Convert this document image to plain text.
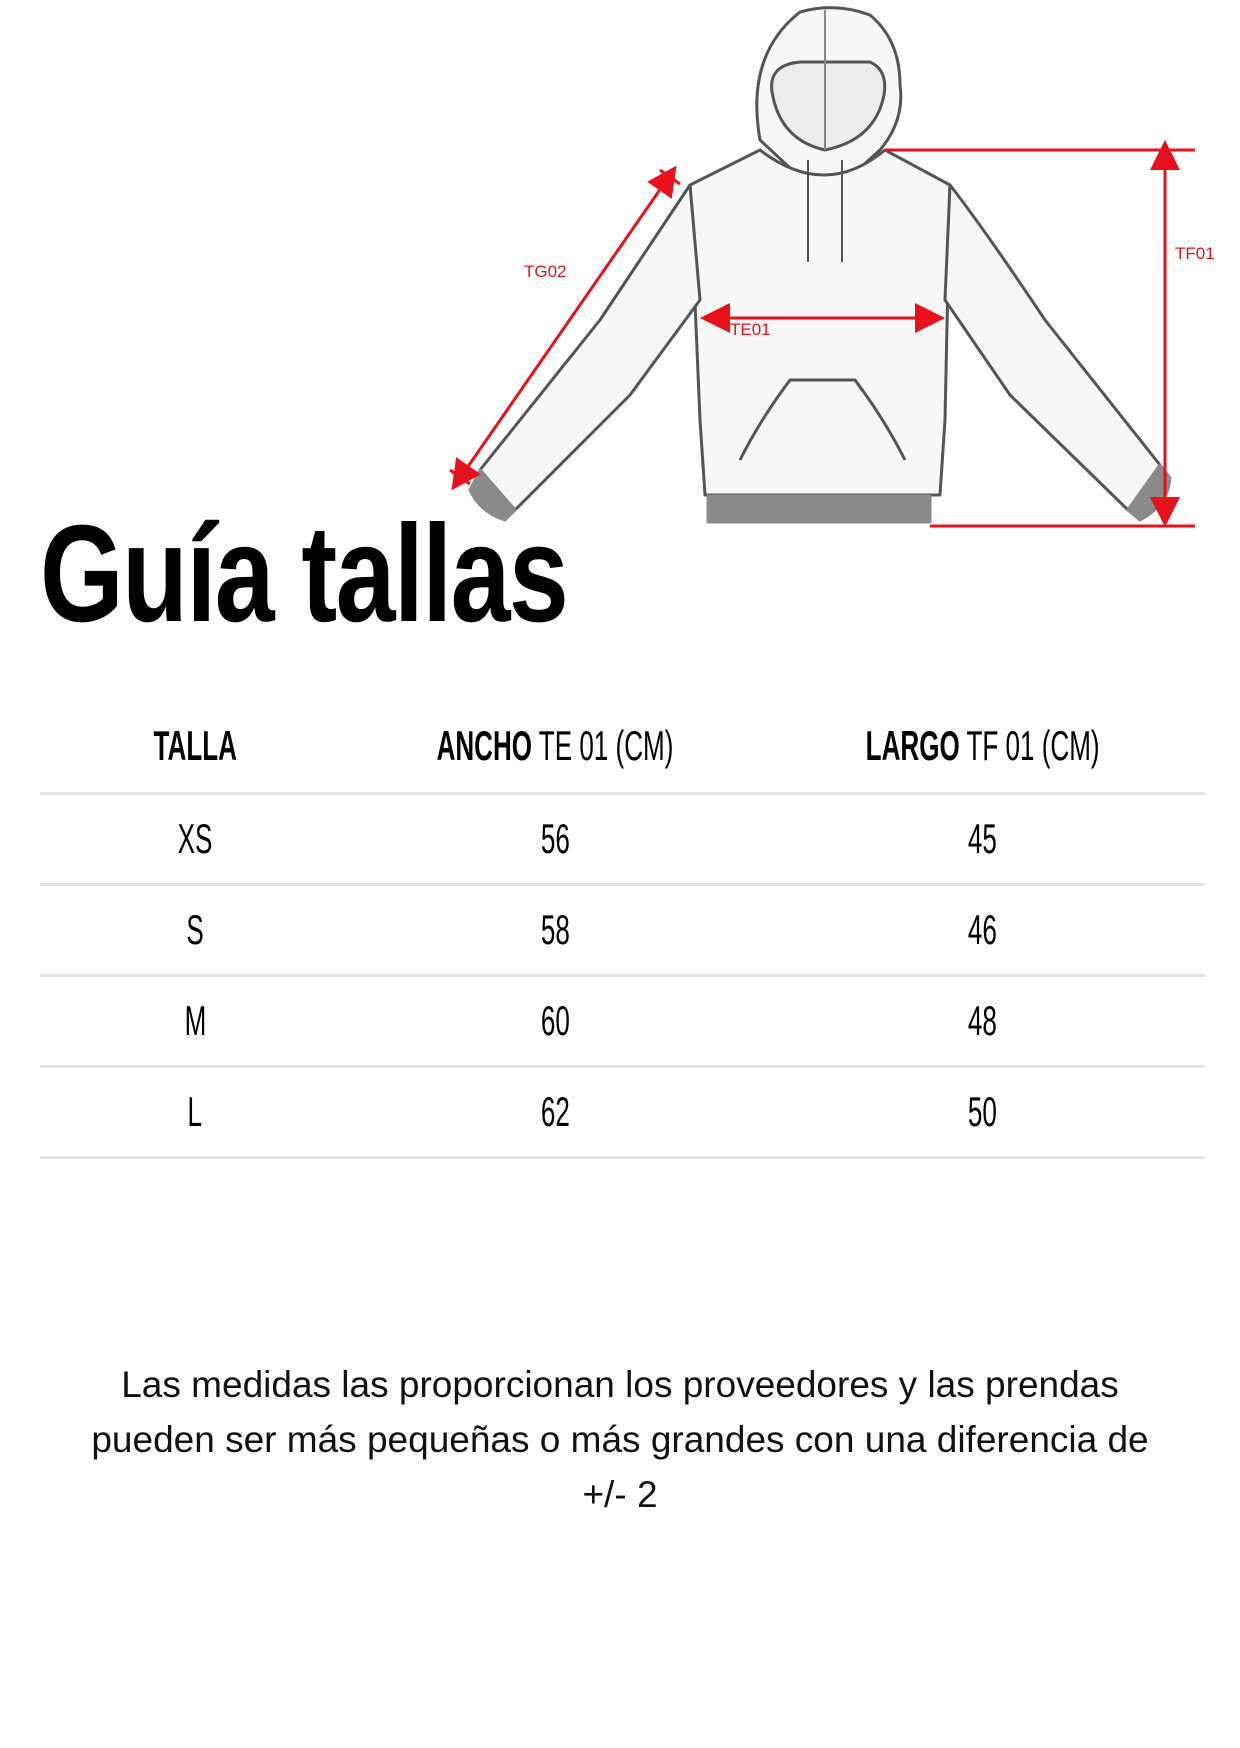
TG02
TE01
TF01
Guía tallas
TALLA	ANCHO TE 01 (CM)	LARGO TF 01 (CM)
XS	56	45
S	58	46
M	60	48
L	62	50
Las medidas las proporcionan los proveedores y las prendas
pueden ser más pequeñas o más grandes con una diferencia de
+/- 2
